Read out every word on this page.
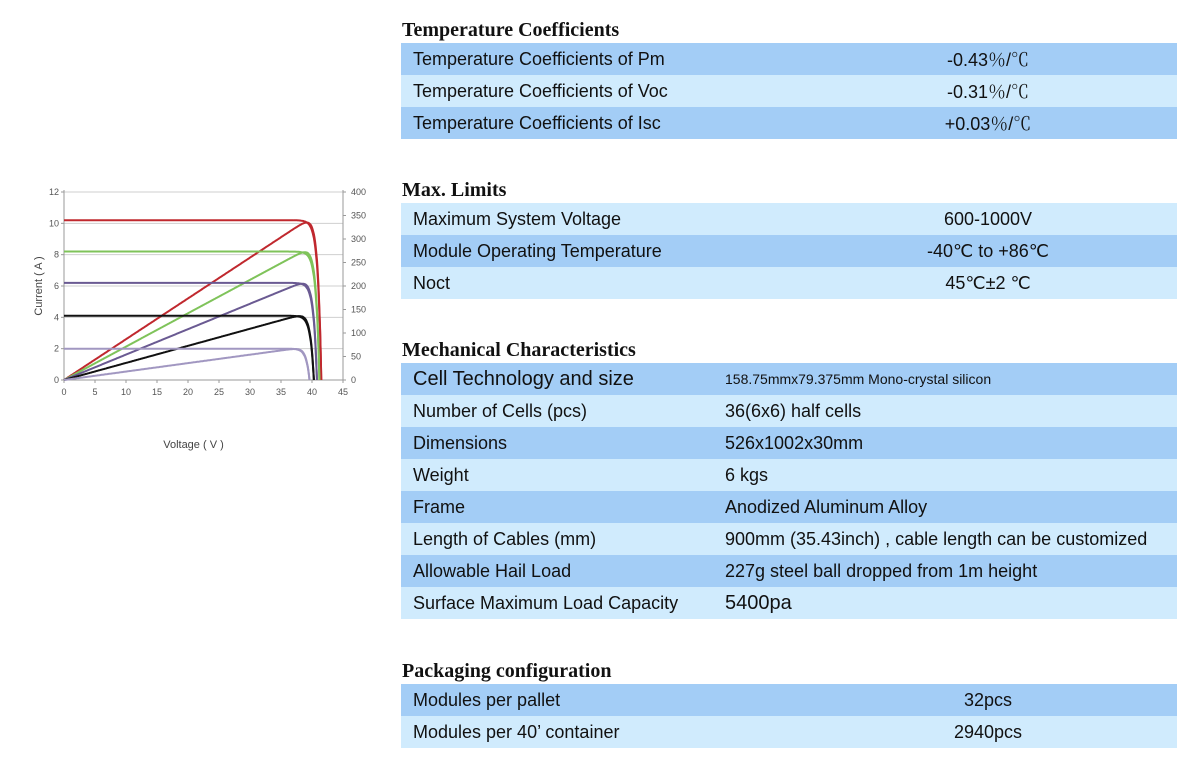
0
2
4
6
8
10
12
0
50
100
150
200
250
300
350
400
0	5	10 15 20 25 30 35 40 45
Current ( A )
Voltage ( V )
Temperature Coefficients
Temperature Coefficients of Pm	-0.43％/℃
Temperature Coefficients of Voc	-0.31％/℃
Temperature Coefficients of Isc	+0.03％/℃
Max. Limits
Maximum System Voltage	600-1000V
Module Operating Temperature	-40℃ to +86℃
Noct	45℃±2 ℃
Mechanical Characteristics
Cell Technology and size	158.75mmx79.375mm Mono-crystal silicon
Number of Cells (pcs)	36(6x6) half cells
Dimensions	526x1002x30mm
Weight	6 kgs
Frame	Anodized Aluminum Alloy
Length of Cables (mm)	900mm (35.43inch) , cable length can be customized
Allowable Hail Load	227g steel ball dropped from 1m height
Surface Maximum Load Capacity	5400pa
Packaging configuration
Modules per pallet	32pcs
Modules per 40’ container	2940pcs
